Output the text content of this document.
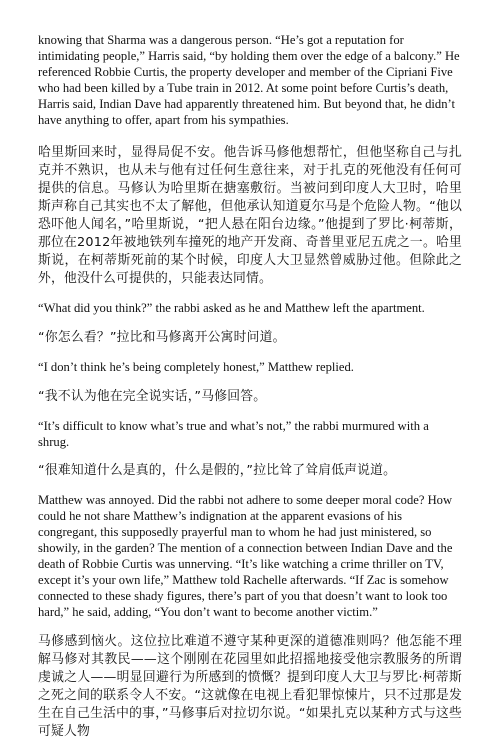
knowing that Sharma was a dangerous person. “He’s got a reputation for intimidating people,” Harris said, “by holding them over the edge of a balcony.” He referenced Robbie Curtis, the property developer and member of the Cipriani Five who had been killed by a Tube train in 2012. At some point before Curtis’s death, Harris said, Indian Dave had apparently threatened him. But beyond that, he didn’t have anything to offer, apart from his sympathies.

哈里斯回来时，显得局促不安。他告诉马修他想帮忙，但他坚称自己与扎克并不熟识，也从未与他有过任何生意往来，对于扎克的死他没有任何可提供的信息。马修认为哈里斯在搪塞敷衍。当被问到印度人大卫时，哈里斯声称自己其实也不太了解他，但他承认知道夏尔马是个危险人物。“他以恐吓他人闻名，”哈里斯说，“把人悬在阳台边缘。”他提到了罗比·柯蒂斯，那位在2012年被地铁列车撞死的地产开发商、奇普里亚尼五虎之一。哈里斯说，在柯蒂斯死前的某个时候，印度人大卫显然曾威胁过他。但除此之外，他没什么可提供的，只能表达同情。

“What did you think?” the rabbi asked as he and Matthew left the apartment.

“你怎么看？”拉比和马修离开公寓时问道。

“I don’t think he’s being completely honest,” Matthew replied.

“我不认为他在完全说实话，”马修回答。

“It’s difficult to know what’s true and what’s not,” the rabbi murmured with a shrug.

“很难知道什么是真的，什么是假的，”拉比耸了耸肩低声说道。

Matthew was annoyed. Did the rabbi not adhere to some deeper moral code? How could he not share Matthew’s indignation at the apparent evasions of his congregant, this supposedly prayerful man to whom he had just ministered, so showily, in the garden? The mention of a connection between Indian Dave and the death of Robbie Curtis was unnerving. “It’s like watching a crime thriller on TV, except it’s your own life,” Matthew told Rachelle afterwards. “If Zac is somehow connected to these shady figures, there’s part of you that doesn’t want to look too hard,” he said, adding, “You don’t want to become another victim.”

马修感到恼火。这位拉比难道不遵守某种更深的道德准则吗？他怎能不理解马修对其教民——这个刚刚在花园里如此招摇地接受他宗教服务的所谓虔诚之人——明显回避行为所感到的愤慨？提到印度人大卫与罗比·柯蒂斯之死之间的联系令人不安。“这就像在电视上看犯罪惊悚片，只不过那是发生在自己生活中的事，”马修事后对拉切尔说。“如果扎克以某种方式与这些可疑人物
